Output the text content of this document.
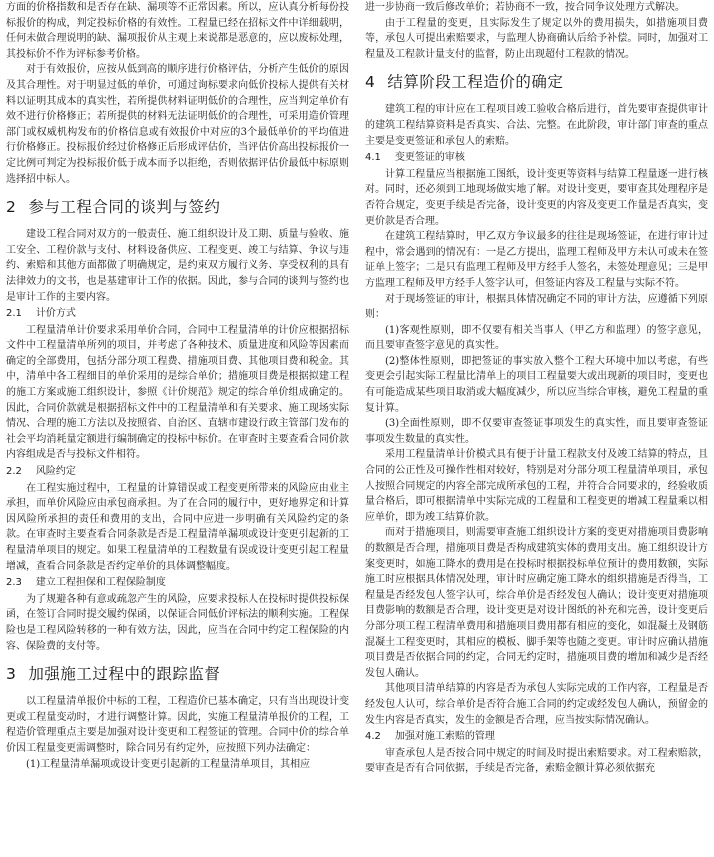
方面的价格指数和是否存在缺、漏项等不正常因素。所以，应认真分析每份投标报价的构成，判定投标价格的有效性。工程量已经在招标文件中详细载明，任何未做合理说明的缺、漏项报价从主观上来说都是恶意的，应以废标处理，其投标价不作为评标参考价格。

对于有效报价，应按从低到高的顺序进行价格评估，分析产生低价的原因及其合理性。对于明显过低的单价，可通过询标要求向低价投标人提供有关材料以证明其成本的真实性，若所提供材料证明低价的合理性，应当判定单价有效不进行价格修正；若所提供的材料无法证明低价的合理性，可采用造价管理部门或权威机构发布的价格信息或有效报价中对应的3个最低单价的平均值进行价格修正。投标报价经过价格修正后形成评估价，当评估价高出投标报价一定比例可判定为投标报价低于成本而予以拒绝，否则依据评估价最低中标原则选择招中标人。

2 参与工程合同的谈判与签约

建设工程合同对双方的一般责任、施工组织设计及工期、质量与验收、施工安全、工程价款与支付、材料设备供应、工程变更、竣工与结算、争议与违约、索赔和其他方面都做了明确规定，是约束双方履行义务、享受权利的具有法律效力的文书，也是基建审计工作的依据。因此，参与合同的谈判与签约也是审计工作的主要内容。

2.1 计价方式

工程量清单计价要求采用单价合同，合同中工程量清单的计价应根据招标文件中工程量清单所列的项目，并考虑了各种技术、质量进度和风险等因素而确定的全部费用，包括分部分项工程费、措施项目费、其他项目费和税金。其中，清单中各工程细目的单价采用的是综合单价；措施项目费是根据拟建工程的施工方案或施工组织设计，参照《计价规范》规定的综合单价组成确定的。因此，合同价款就是根据招标文件中的工程量清单和有关要求、施工现场实际情况、合理的施工方法以及按照省、自治区、直辖市建设行政主管部门发布的社会平均消耗量定额进行编制确定的投标中标价。在审查时主要查看合同价款内容组成是否与投标文件相符。

2.2 风险约定

在工程实施过程中，工程量的计算错误或工程变更所带来的风险应由业主承担，而单价风险应由承包商承担。为了在合同的履行中，更好地界定和计算因风险所承担的责任和费用的支出，合同中应进一步明确有关风险约定的条款。在审查时主要查看合同条款是否是工程量清单漏项或设计变更引起新的工程量清单项目的规定。如果工程量清单的工程数量有误或设计变更引起工程量增减，查看合同条款是否约定单价的具体调整幅度。

2.3 建立工程担保和工程保险制度

为了规避各种有意或疏忽产生的风险，应要求投标人在投标时提供投标保函，在签订合同时提交履约保函，以保证合同低价评标法的顺利实施。工程保险也是工程风险转移的一种有效方法，因此，应当在合同中约定工程保险的内容、保险费的支付等。

3 加强施工过程中的跟踪监督

以工程量清单报价中标的工程，工程造价已基本确定，只有当出现设计变更或工程量变动时，才进行调整计算。因此，实施工程量清单报价的工程，工程造价管理重点主要是加强对设计变更和工程签证的管理。合同中价的综合单价因工程量变更需调整时，除合同另有约定外，应按照下列办法确定：

(1)工程量清单漏项或设计变更引起新的工程量清单项目，其相应

进一步协商一致后修改单价；若协商不一致，按合同争议处理方式解决。

由于工程量的变更，且实际发生了规定以外的费用损失，如措施项目费等，承包人可提出索赔要求，与监理人协商确认后给予补偿。同时，加强对工程量及工程款计量支付的监督，防止出现超付工程款的情况。

4 结算阶段工程造价的确定

建筑工程的审计应在工程项目竣工验收合格后进行，首先要审查提供审计的建筑工程结算资料是否真实、合法、完整。在此阶段，审计部门审查的重点主要是变更签证和承包人的索赔。

4.1 变更签证的审核

计算工程量应当根据施工图纸，设计变更等资料与结算工程量逐一进行核对。同时，还必须到工地现场做实地了解。对设计变更，要审查其处理程序是否符合规定，变更手续是否完备，设计变更的内容及变更工作量是否真实，变更价款是否合理。

在建筑工程结算时，甲乙双方争议最多的往往是现场签证，在进行审计过程中，常会遇到的情况有：一是乙方提出，监理工程师及甲方未认可或未在签证单上签字；二是只有监理工程师及甲方经手人签名，未签处理意见；三是甲方监理工程师及甲方经手人签字认可，但签证内容及工程量与实际不符。

对于现场签证的审计，根据具体情况确定不同的审计方法，应遵循下列原则：

(1)客观性原则，即不仅要有相关当事人（甲乙方和监理）的签字意见，而且要审查签字意见的真实性。

(2)整体性原则，即把签证的事实放入整个工程大环境中加以考虑，有些变更会引起实际工程量比清单上的项目工程量要大或出现新的项目时，变更也有可能造成某些项目取消或大幅度减少，所以应当综合审核，避免工程量的重复计算。

(3)全面性原则，即不仅要审查签证事项发生的真实性，而且要审查签证事项发生数量的真实性。

采用工程量清单计价模式具有便于计量工程款支付及竣工结算的特点，且合同的公正性及可操作性相对较好，特别是对分部分项工程量清单项目，承包人按照合同规定的内容全部完成所承包的工程，并符合合同要求的，经验收质量合格后，即可根据清单中实际完成的工程量和工程变更的增减工程量乘以相应单价，即为竣工结算价款。

而对于措施项目，则需要审查施工组织设计方案的变更对措施项目费影响的数额是否合理，措施项目费是否构成建筑实体的费用支出。施工组织设计方案变更时，如施工降水的费用是在投标时根据投标单位预计的费用数额，实际施工时应根据具体情况处理，审计时应确定施工降水的组织措施是否得当，工程量是否经发包人签字认可，综合单价是否经发包人确认；设计变更对措施项目费影响的数额是否合理，设计变更是对设计图纸的补充和完善，设计变更后分部分项工程工程清单费用和措施项目费用都有相应的变化，如混凝土及钢筋混凝土工程变更时，其相应的模板、脚手架等也随之变更。审计时应确认措施项目费是否依据合同的约定，合同无约定时，措施项目费的增加和减少是否经发包人确认。

其他项目清单结算的内容是否为承包人实际完成的工作内容，工程量是否经发包人认可，综合单价是否符合施工合同的约定或经发包人确认，预留金的发生内容是否真实，发生的金额是否合理，应当按实际情况确认。

4.2 加强对施工索赔的管理

审查承包人是否按合同中规定的时间及时提出索赔要求。对工程索赔款，要审查是否有合同依据，手续是否完备，索赔金额计算必须依据充
